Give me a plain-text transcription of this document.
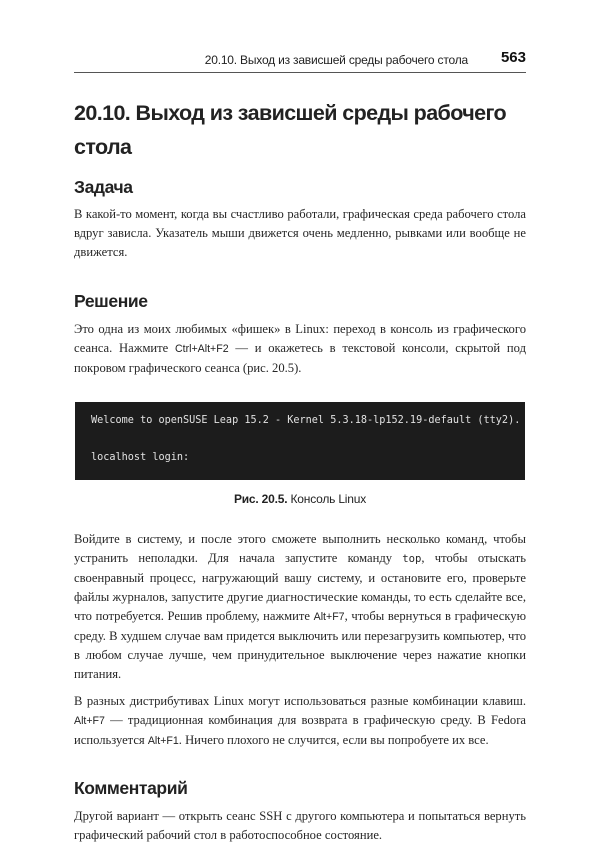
20.10. Выход из зависшей среды рабочего стола 563
20.10. Выход из зависшей среды рабочего стола
Задача

В какой-то момент, когда вы счастливо работали, графическая среда рабочего стола вдруг зависла. Указатель мыши движется очень медленно, рывками или вообще не движется.

Решение

Это одна из моих любимых «фишек» в Linux: переход в консоль из графического сеанса. Нажмите Ctrl+Alt+F2 — и окажетесь в текстовой консоли, скрытой под покровом графического сеанса (рис. 20.5).

Welcome to openSUSE Leap 15.2 - Kernel 5.3.18-lp152.19-default (tty2).
localhost login:
Рис. 20.5. Консоль Linux

Войдите в систему, и после этого сможете выполнить несколько команд, чтобы устранить неполадки. Для начала запустите команду top, чтобы отыскать своенравный процесс, нагружающий вашу систему, и остановите его, проверьте файлы журналов, запустите другие диагностические команды, то есть сделайте все, что потребуется. Решив проблему, нажмите Alt+F7, чтобы вернуться в графическую среду. В худшем случае вам придется выключить или перезагрузить компьютер, что в любом случае лучше, чем принудительное выключение через нажатие кнопки питания.

В разных дистрибутивах Linux могут использоваться разные комбинации клавиш. Alt+F7 — традиционная комбинация для возврата в графическую среду. В Fedora используется Alt+F1. Ничего плохого не случится, если вы попробуете их все.

Комментарий

Другой вариант — открыть сеанс SSH с другого компьютера и попытаться вернуть графический рабочий стол в работоспособное состояние.
